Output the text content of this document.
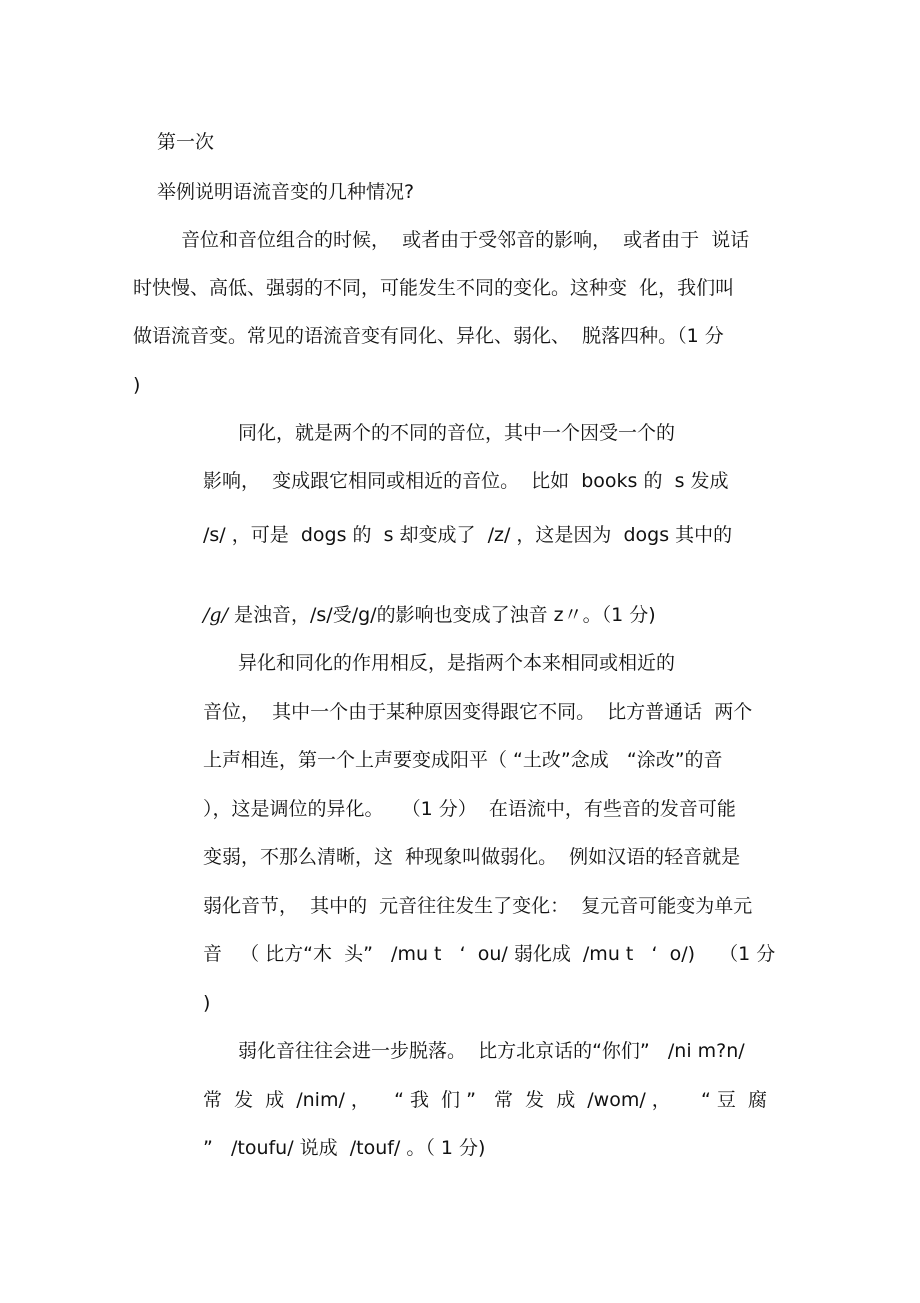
第一次

举例说明语流音变的几种情况?

音位和音位组合的时候，  或者由于受邻音的影响，  或者由于  说话

时快慢、高低、强弱的不同，可能发生不同的变化。这种变  化，我们叫

做语流音变。常见的语流音变有同化、异化、弱化、  脱落四种。（1 分

)

同化，就是两个的不同的音位，其中一个因受一个的

影响，  变成跟它相同或相近的音位。  比如  books 的  s 发成

/s/ ，可是  dogs 的  s 却变成了  /z/ ，这是因为  dogs 其中的

/g/ 是浊音，/s/受/g/的影响也变成了浊音 z〃。（1 分)

异化和同化的作用相反，是指两个本来相同或相近的

音位，  其中一个由于某种原因变得跟它不同。  比方普通话  两个

上声相连，第一个上声要变成阳平（ “土改”念成   “涂改”的音

），这是调位的异化。   （1 分）  在语流中，有些音的发音可能

变弱，不那么清晰，这  种现象叫做弱化。  例如汉语的轻音就是

弱化音节，  其中的  元音往往发生了变化：  复元音可能变为单元

音   （ 比方“木  头”   /mu t   ‘  ou/ 弱化成  /mu t   ‘  o/)    （1 分

)

弱化音往往会进一步脱落。  比方北京话的“你们”   /ni m?n/

常  发  成  /nim/ ，    “ 我  们 ”   常  发  成  /wom/ ，     “ 豆  腐

”   /toufu/ 说成  /touf/ 。（ 1 分)
